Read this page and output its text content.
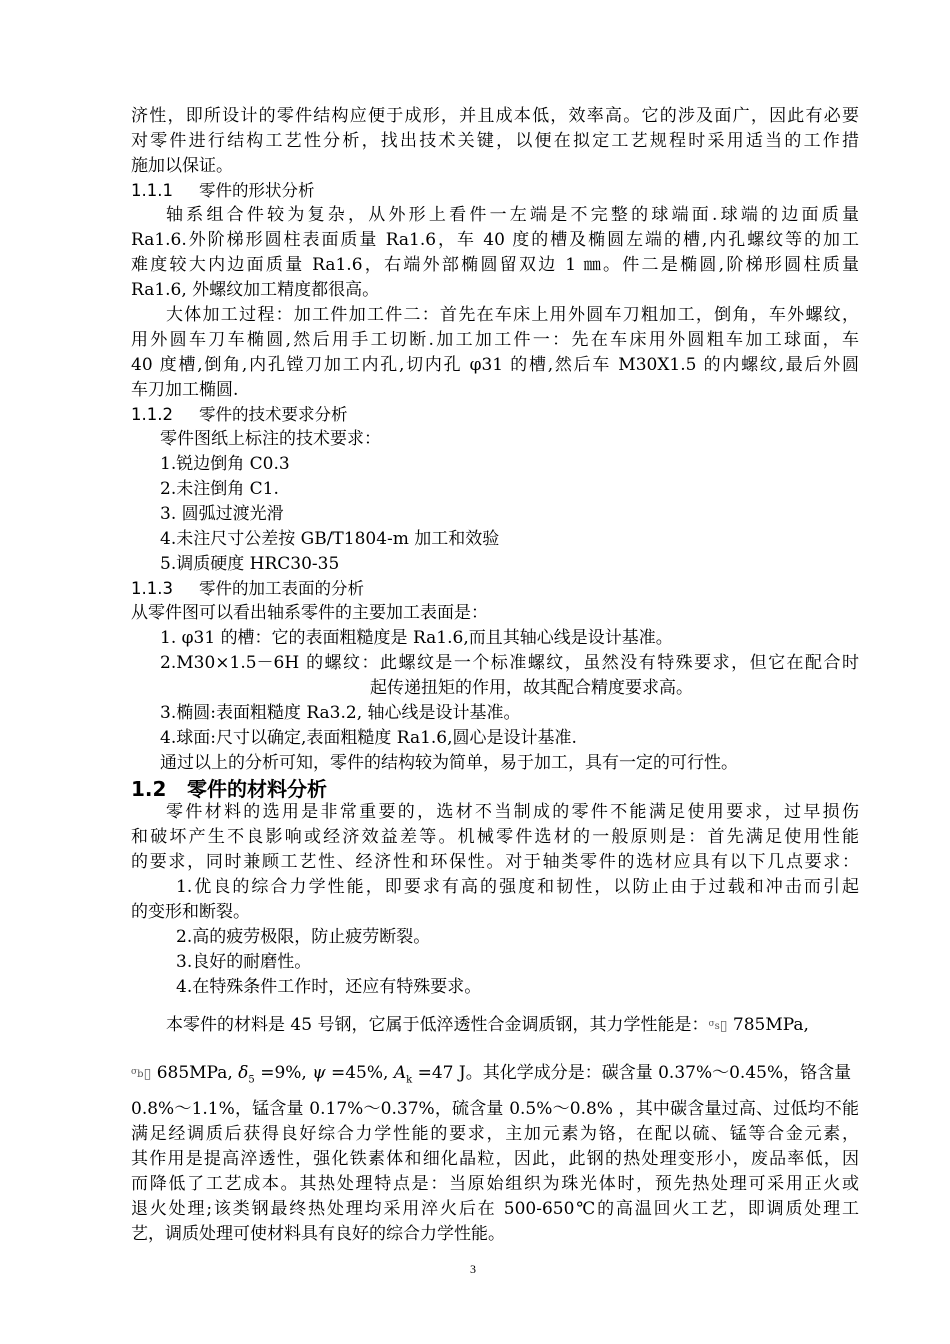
济性，即所设计的零件结构应便于成形，并且成本低，效率高。它的涉及面广，因此有必要
对零件进行结构工艺性分析，找出技术关键，以便在拟定工艺规程时采用适当的工作措
施加以保证。
1.1.1 零件的形状分析
轴系组合件较为复杂，从外形上看件一左端是不完整的球端面.球端的边面质量
Ra1.6.外阶梯形圆柱表面质量 Ra1.6，车 40 度的槽及椭圆左端的槽,内孔螺纹等的加工
难度较大内边面质量 Ra1.6，右端外部椭圆留双边 1 ㎜。件二是椭圆,阶梯形圆柱质量
Ra1.6, 外螺纹加工精度都很高。
大体加工过程：加工件加工件二：首先在车床上用外圆车刀粗加工，倒角，车外螺纹，
用外圆车刀车椭圆,然后用手工切断.加工加工件一：先在车床用外圆粗车加工球面，车
40 度槽,倒角,内孔镗刀加工内孔,切内孔 φ31 的槽,然后车 M30X1.5 的内螺纹,最后外圆
车刀加工椭圆.
1.1.2 零件的技术要求分析
零件图纸上标注的技术要求：
1.锐边倒角 C0.3
2.未注倒角 C1.
3. 圆弧过渡光滑
4.未注尺寸公差按 GB/T1804-m 加工和效验
5.调质硬度 HRC30-35
1.1.3 零件的加工表面的分析
从零件图可以看出轴系零件的主要加工表面是：
1. φ31 的槽：它的表面粗糙度是 Ra1.6,而且其轴心线是设计基准。
2.M30×1.5－6H 的螺纹：此螺纹是一个标准螺纹，虽然没有特殊要求，但它在配合时
起传递扭矩的作用，故其配合精度要求高。
3.椭圆:表面粗糙度 Ra3.2, 轴心线是设计基准。
4.球面:尺寸以确定,表面粗糙度 Ra1.6,圆心是设计基准.
通过以上的分析可知，零件的结构较为简单，易于加工，具有一定的可行性。
1.2 零件的材料分析
零件材料的选用是非常重要的，选材不当制成的零件不能满足使用要求，过早损伤
和破坏产生不良影响或经济效益差等。机械零件选材的一般原则是：首先满足使用性能
的要求，同时兼顾工艺性、经济性和环保性。对于轴类零件的选材应具有以下几点要求：
1.优良的综合力学性能，即要求有高的强度和韧性，以防止由于过载和冲击而引起
的变形和断裂。
2.高的疲劳极限，防止疲劳断裂。
3.良好的耐磨性。
4.在特殊条件工作时，还应有特殊要求。
本零件的材料是 45 号钢，它属于低淬透性合金调质钢，其力学性能是：$^{\sigma_s}$▯ 785MPa,
$^{\sigma_b}$▯ 685MPa, $\delta_5 =9\%$, ψ =45%, $A_k =47$ J。其化学成分是：碳含量 0.37%～0.45%，铬含量
0.8%～1.1%，锰含量 0.17%～0.37%，硫含量 0.5%～0.8% ，其中碳含量过高、过低均不能
满足经调质后获得良好综合力学性能的要求，主加元素为铬，在配以硫、锰等合金元素，
其作用是提高淬透性，强化铁素体和细化晶粒，因此，此钢的热处理变形小，废品率低，因
而降低了工艺成本。其热处理特点是：当原始组织为珠光体时，预先热处理可采用正火或
退火处理;该类钢最终热处理均采用淬火后在 500-650℃的高温回火工艺，即调质处理工
艺，调质处理可使材料具有良好的综合力学性能。
3
